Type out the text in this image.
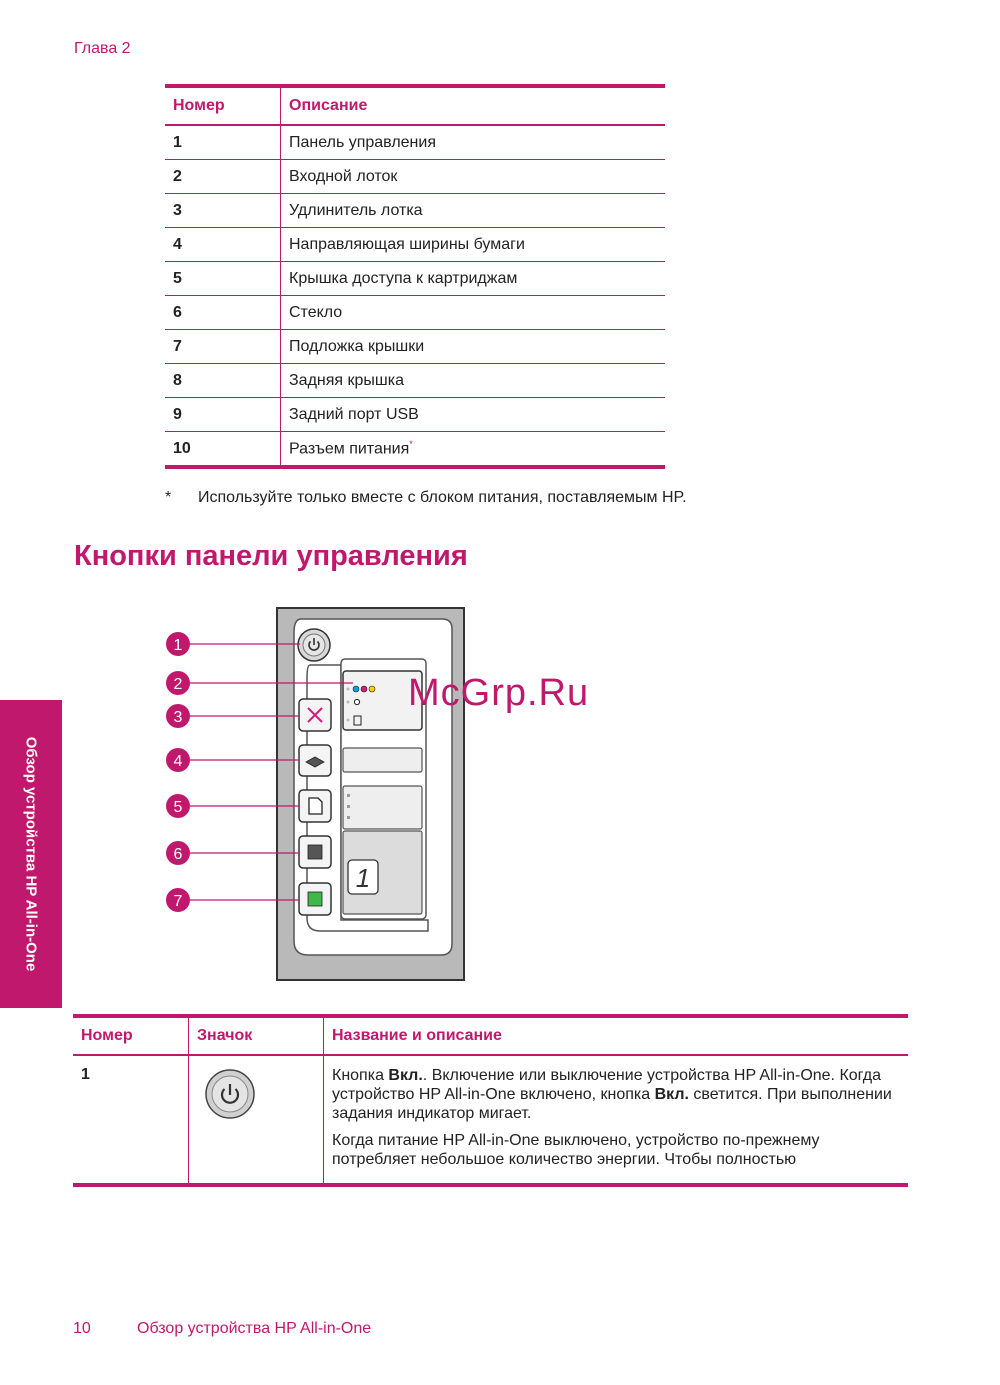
Глава 2
Номер	Описание
1	Панель управления
2	Входной лоток
3	Удлинитель лотка
4	Направляющая ширины бумаги
5	Крышка доступа к картриджам
6	Стекло
7	Подложка крышки
8	Задняя крышка
9	Задний порт USB
10	Разъем питания*
* Используйте только вместе с блоком питания, поставляемым HP.
Кнопки панели управления
Обзор устройства HP All-in-One	1
1
2
3
4
5
6
7
McGrp.Ru
Номер	Значок	Название и описание
1		Кнопка Вкл.. Включение или выключение устройства HP All-in-One. Когда устройство HP All-in-One включено, кнопка Вкл. светится. При выполнении задания индикатор мигает.

Когда питание HP All-in-One выключено, устройство по-прежнему потребляет небольшое количество энергии. Чтобы полностью

10	Обзор устройства HP All-in-One
